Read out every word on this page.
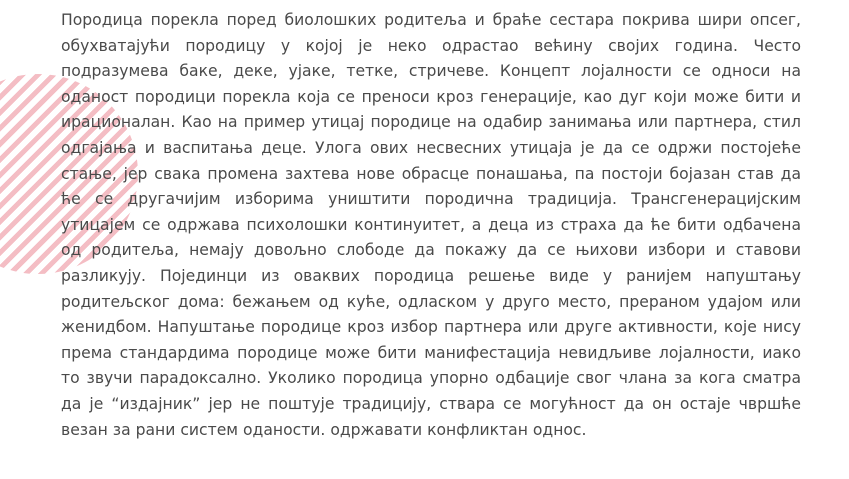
Породица порекла поред биолошких родитеља и браће сестара покрива шири опсег, обухватајући породицу у којој је неко одрастао већину својих година. Често подразумева баке, деке, ујаке, тетке, стричеве. Концепт лојалности се односи на оданост породици порекла која се преноси кроз генерације, као дуг који може бити и ирационалан. Као на пример утицај породице на одабир занимања или партнера, стил одгајања и васпитања деце. Улога ових несвесних утицаја је да се одржи постојеће стање, јер свака промена захтева нове обрасце понашања, па постоји бојазан став да ће се другачијим изборима уништити породична традиција. Трансгенерацијским утицајем се одржава психолошки континуитет, а деца из страха да ће бити одбачена од родитеља, немају довољно слободе да покажу да се њихови избори и ставови разликују. Појединци из оваквих породица решење виде у ранијем напуштању родитељског дома: бежањем од куће, одласком у друго место, прераном удајом или женидбом. Напуштање породице кроз избор партнера или друге активности, које нису према стандардима породице може бити манифестација невидљиве лојалности, иако то звучи парадоксално. Уколико породица упорно одбације свог члана за кога сматра да је “издајник” јер не поштује традицију, ствара се могућност да он остаје чвршће везан за рани систем оданости. одржавати конфликтан однос.
